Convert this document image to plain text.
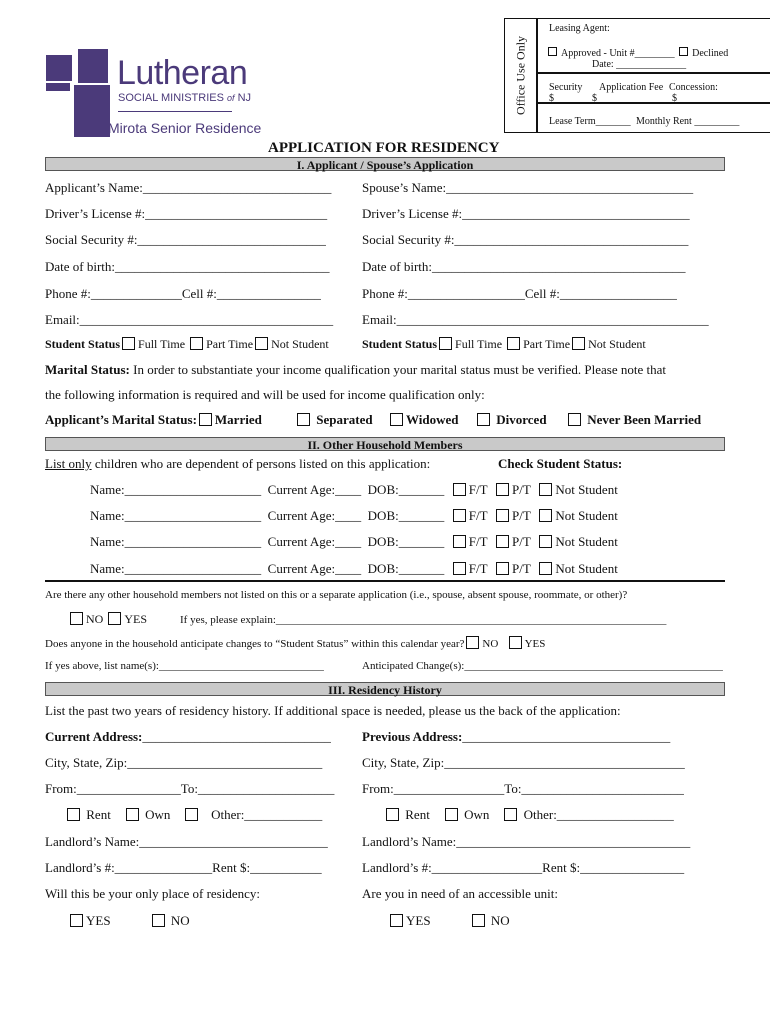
Lutheran
SOCIAL MINISTRIES of NJ
Mirota Senior Residence
Office Use Only
Leasing Agent:
Approved - Unit #________ Declined
Date: ______________
Security Application Fee Concession:
$_______ $________	$_______
Lease Term_______ Monthly Rent _________
APPLICATION FOR RESIDENCY
I. Applicant / Spouse’s Application
Applicant’s Name:_____________________________ Spouse’s Name:______________________________________
Driver’s License #:____________________________	Driver’s License #:___________________________________
Social Security #:_____________________________	Social Security #:____________________________________
Date of birth:_________________________________ Date of birth:_______________________________________
Phone #:______________Cell #:________________	Phone #:__________________Cell #:__________________
Email:_______________________________________ Email:________________________________________________
Student Status Full Time Part Time Not Student	Student Status Full Time Part Time Not Student
Marital Status: In order to substantiate your income qualification your marital status must be verified. Please note that
the following information is required and will be used for income qualification only:
Applicant’s Marital Status: Married	Separated	Widowed	Divorced	Never Been Married
II. Other Household Members
List only children who are dependent of persons listed on this application:	Check Student Status:
Name:_____________________ Current Age:____ DOB:_______ F/T P/T Not Student
Name:_____________________ Current Age:____ DOB:_______ F/T P/T Not Student
Name:_____________________ Current Age:____ DOB:_______ F/T P/T Not Student
Name:_____________________ Current Age:____ DOB:_______ F/T P/T Not Student
Are there any other household members not listed on this or a separate application (i.e., spouse, absent spouse, roommate, or other)?
NO YES	If yes, please explain:_______________________________________________________________________
Does anyone in the household anticipate changes to “Student Status” within this calendar year? NO YES
If yes above, list name(s):______________________________	Anticipated Change(s):_______________________________________________
III. Residency History
List the past two years of residency history. If additional space is needed, please us the back of the application:
Current Address:_____________________________ Previous Address:________________________________
City, State, Zip:______________________________	City, State, Zip:_____________________________________
From:________________To:_____________________ From:_________________To:_________________________
Rent	Own	Other:____________	Rent	Own	Other:__________________
Landlord’s Name:_____________________________	Landlord’s Name:____________________________________
Landlord’s #:_______________Rent $:___________	Landlord’s #:_________________Rent $:________________
Will this be your only place of residency:	Are you in need of an accessible unit:
YES	NO	YES	NO
